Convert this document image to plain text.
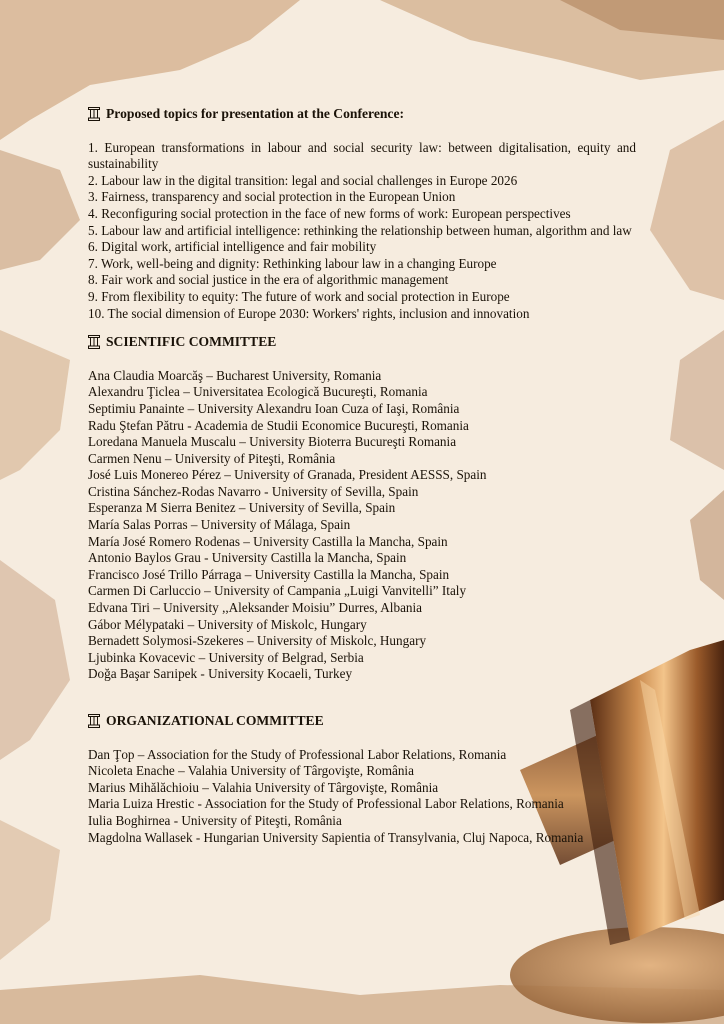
Proposed topics for presentation at the Conference:
1. European transformations in labour and social security law: between digitalisation, equity and sustainability
2. Labour law in the digital transition: legal and social challenges in Europe 2026
3. Fairness, transparency and social protection in the European Union
4. Reconfiguring social protection in the face of new forms of work: European perspectives
5. Labour law and artificial intelligence: rethinking the relationship between human, algorithm and law
6. Digital work, artificial intelligence and fair mobility
7. Work, well-being and dignity: Rethinking labour law in a changing Europe
8. Fair work and social justice in the era of algorithmic management
9. From flexibility to equity: The future of work and social protection in Europe
10. The social dimension of Europe 2030: Workers' rights, inclusion and innovation
SCIENTIFIC COMMITTEE
Ana Claudia Moarcăş – Bucharest University, Romania
Alexandru Ţiclea – Universitatea Ecologică Bucureşti, Romania
Septimiu Panainte – University Alexandru Ioan Cuza of Iaşi, România
Radu Ştefan Pătru - Academia de Studii Economice Bucureşti, Romania
Loredana Manuela Muscalu – University Bioterra Bucureşti Romania
Carmen Nenu – University of Piteşti, România
José Luis Monereo Pérez – University of Granada, President AESSS, Spain
Cristina Sánchez-Rodas Navarro - University of Sevilla, Spain
Esperanza M Sierra Benitez – University of Sevilla, Spain
María Salas Porras – University of Málaga, Spain
María José Romero Rodenas – University Castilla la Mancha, Spain
Antonio Baylos Grau - University Castilla la Mancha, Spain
Francisco José Trillo Párraga – University Castilla la Mancha, Spain
Carmen Di Carluccio – University of Campania „Luigi Vanvitelli” Italy
Edvana Tiri – University ,,Aleksander Moisiu” Durres, Albania
Gábor Mélypataki – University of Miskolc, Hungary
Bernadett Solymosi-Szekeres – University of Miskolc, Hungary
Ljubinka Kovacevic – University of Belgrad, Serbia
Doğa Başar Sarıipek - University Kocaeli, Turkey
ORGANIZATIONAL COMMITTEE
Dan Ţop – Association for the Study of Professional Labor Relations, Romania
Nicoleta Enache – Valahia University of Târgovişte, România
Marius Mihălăchioiu – Valahia University of Târgovişte, România
Maria Luiza Hrestic - Association for the Study of Professional Labor Relations, Romania
Iulia Boghirnea - University of Piteşti, România
Magdolna Wallasek - Hungarian University Sapientia of Transylvania, Cluj Napoca, Romania
